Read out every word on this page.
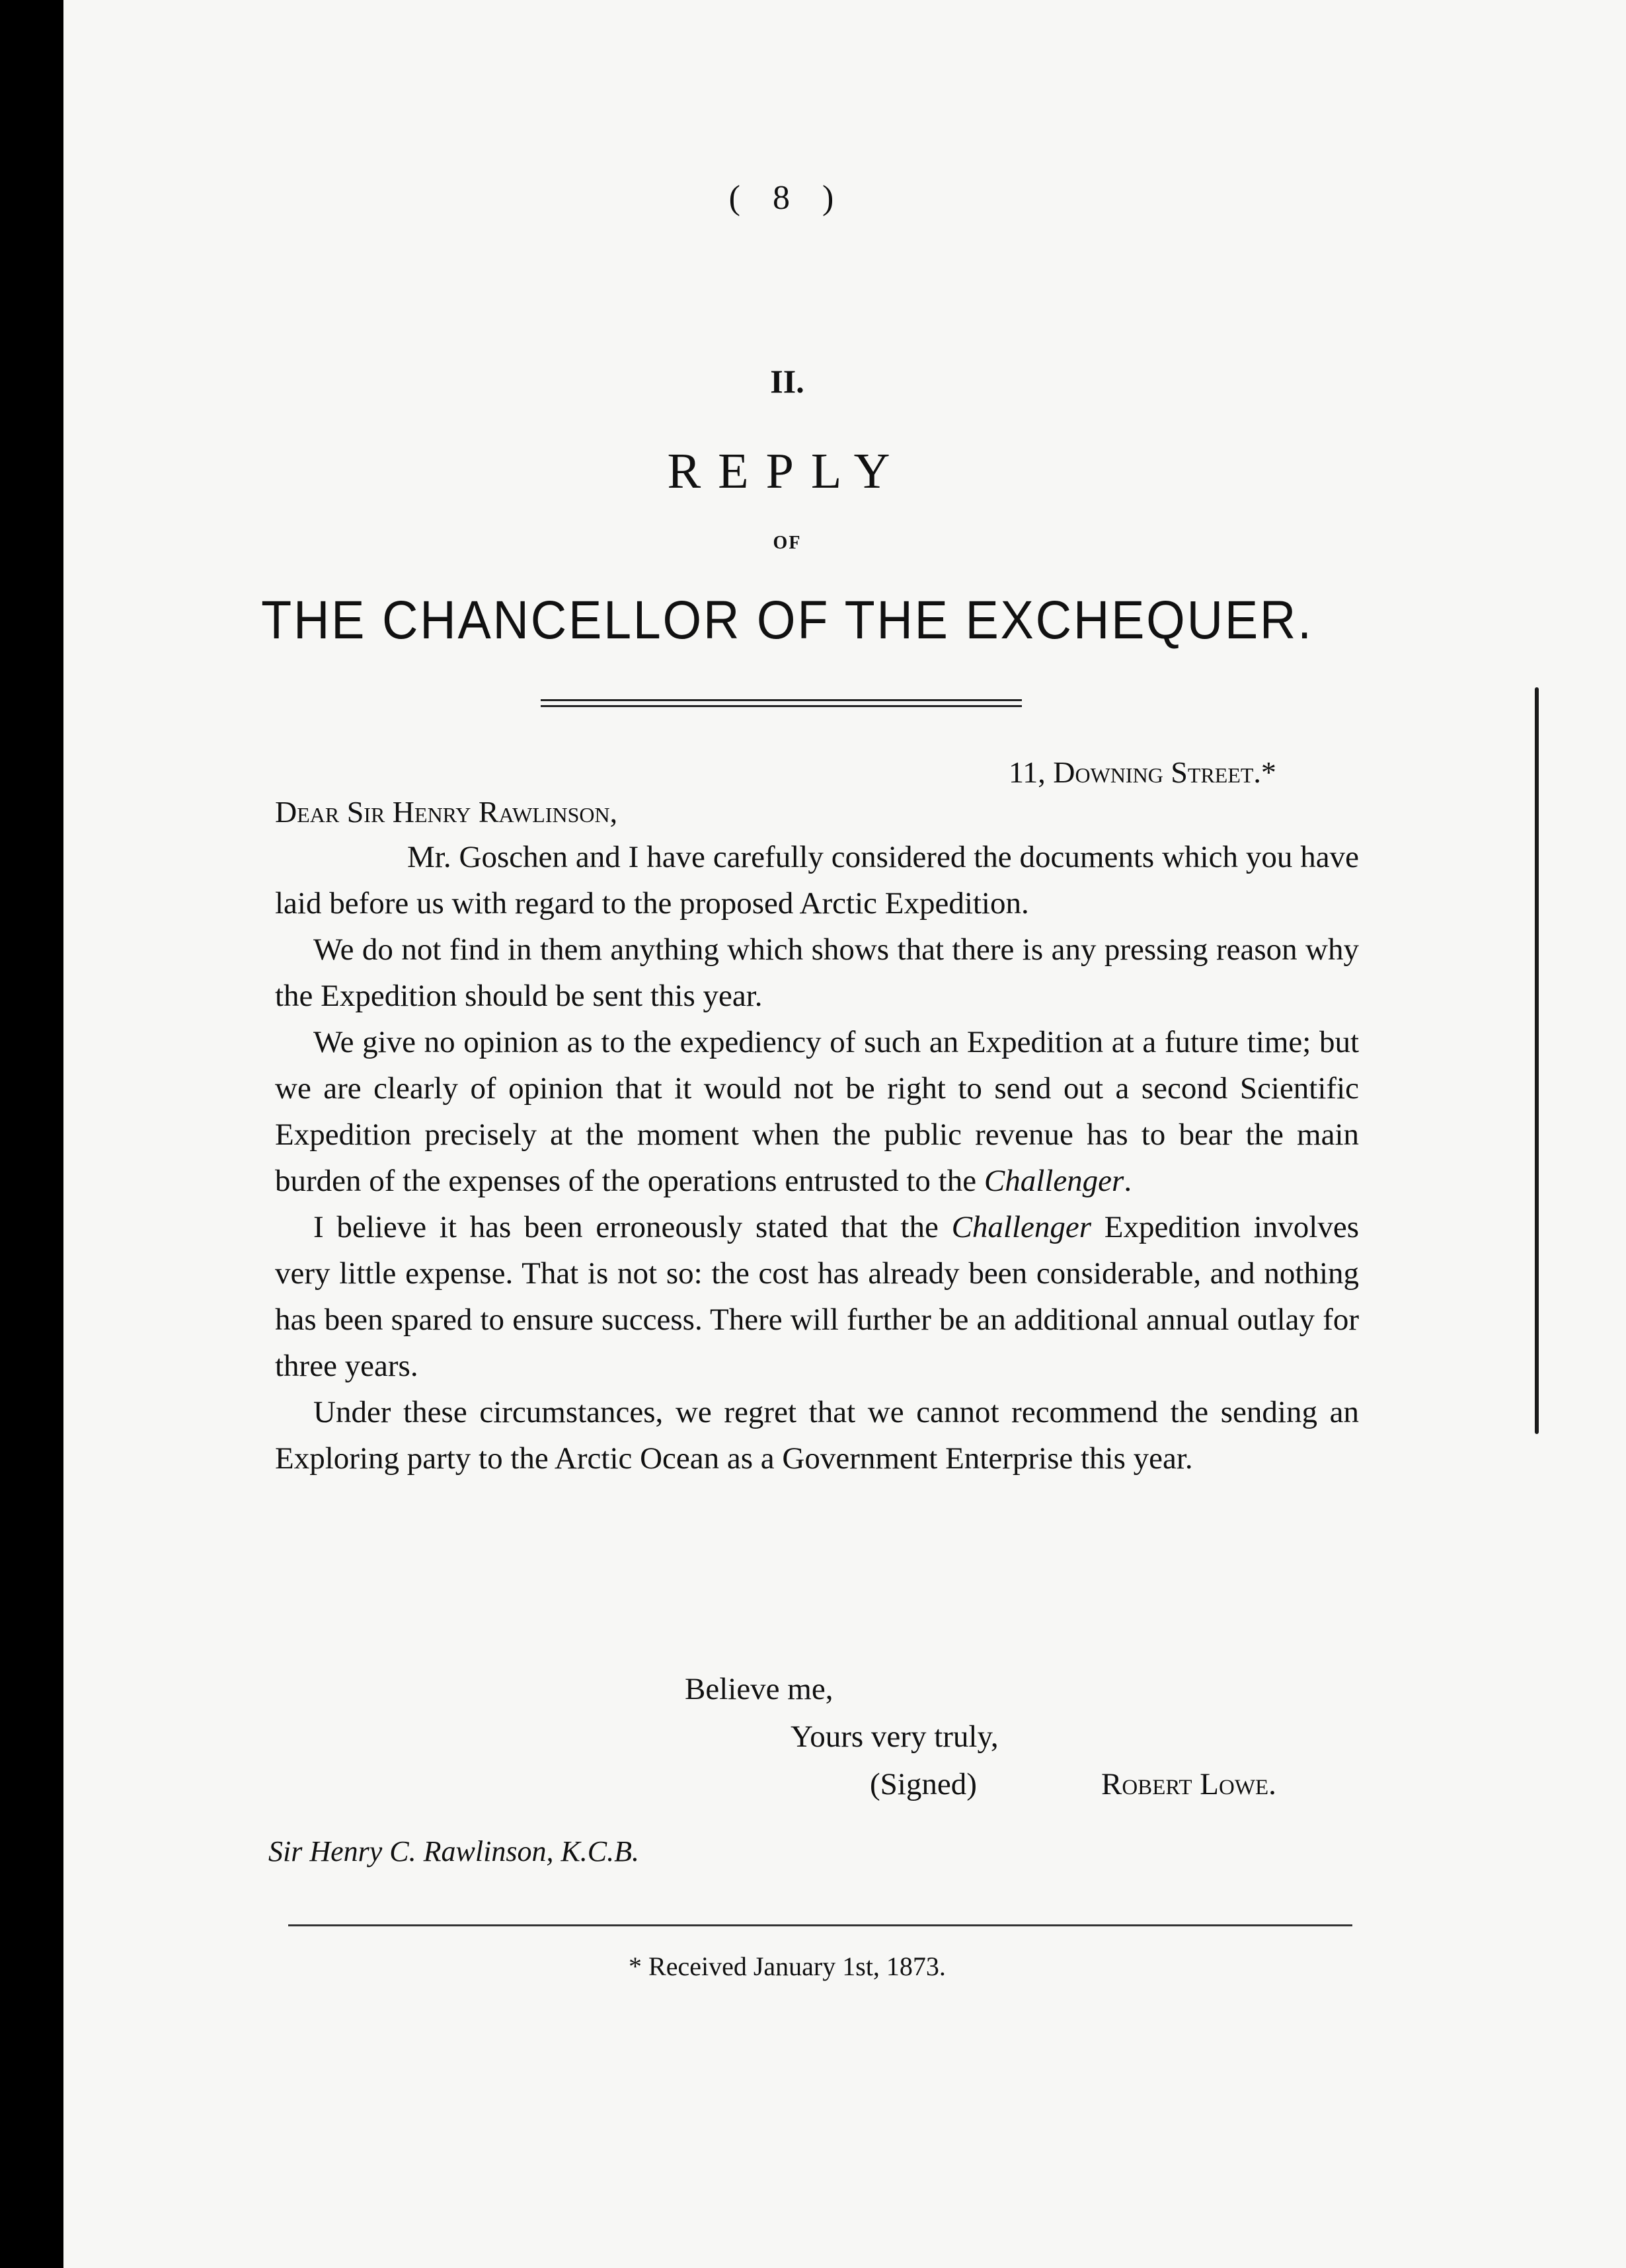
( 8 )
II.
REPLY
OF
THE CHANCELLOR OF THE EXCHEQUER.
11, Downing Street.*
Dear Sir Henry Rawlinson,

Mr. Goschen and I have carefully considered the documents which you have laid before us with regard to the proposed Arctic Expedition.

We do not find in them anything which shows that there is any pressing reason why the Expedition should be sent this year.

We give no opinion as to the expediency of such an Expedition at a future time; but we are clearly of opinion that it would not be right to send out a second Scientific Expedition precisely at the moment when the public revenue has to bear the main burden of the expenses of the operations entrusted to the Challenger.

I believe it has been erroneously stated that the Challenger Expedition involves very little expense. That is not so: the cost has already been considerable, and nothing has been spared to ensure success. There will further be an additional annual outlay for three years.

Under these circumstances, we regret that we cannot recommend the sending an Exploring party to the Arctic Ocean as a Government Enterprise this year.

Believe me,
Yours very truly,
(Signed)	Robert Lowe.
Sir Henry C. Rawlinson, K.C.B.
* Received January 1st, 1873.
